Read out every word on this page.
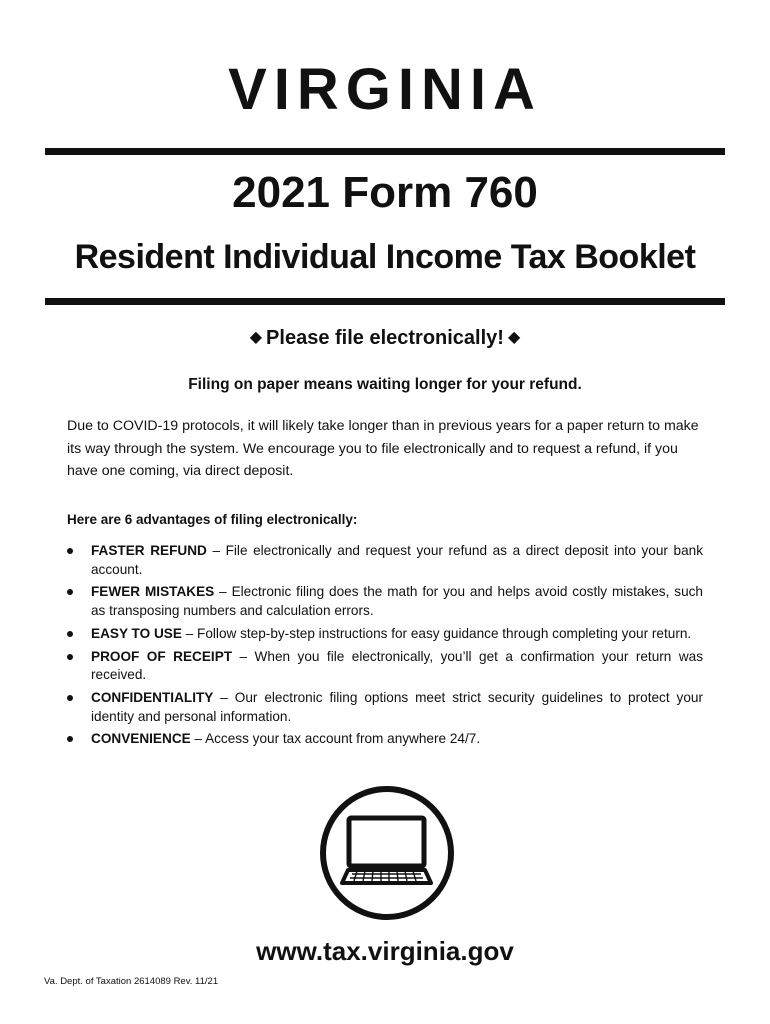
VIRGINIA
2021 Form 760
Resident Individual Income Tax Booklet
◆ Please file electronically! ◆
Filing on paper means waiting longer for your refund.
Due to COVID-19 protocols, it will likely take longer than in previous years for a paper return to make its way through the system. We encourage you to file electronically and to request a refund, if you have one coming, via direct deposit.
Here are 6 advantages of filing electronically:
FASTER REFUND – File electronically and request your refund as a direct deposit into your bank account.
FEWER MISTAKES – Electronic filing does the math for you and helps avoid costly mistakes, such as transposing numbers and calculation errors.
EASY TO USE – Follow step-by-step instructions for easy guidance through completing your return.
PROOF OF RECEIPT – When you file electronically, you’ll get a confirmation your return was received.
CONFIDENTIALITY – Our electronic filing options meet strict security guidelines to protect your identity and personal information.
CONVENIENCE – Access your tax account from anywhere 24/7.
www.tax.virginia.gov
Va. Dept. of Taxation 2614089 Rev. 11/21
